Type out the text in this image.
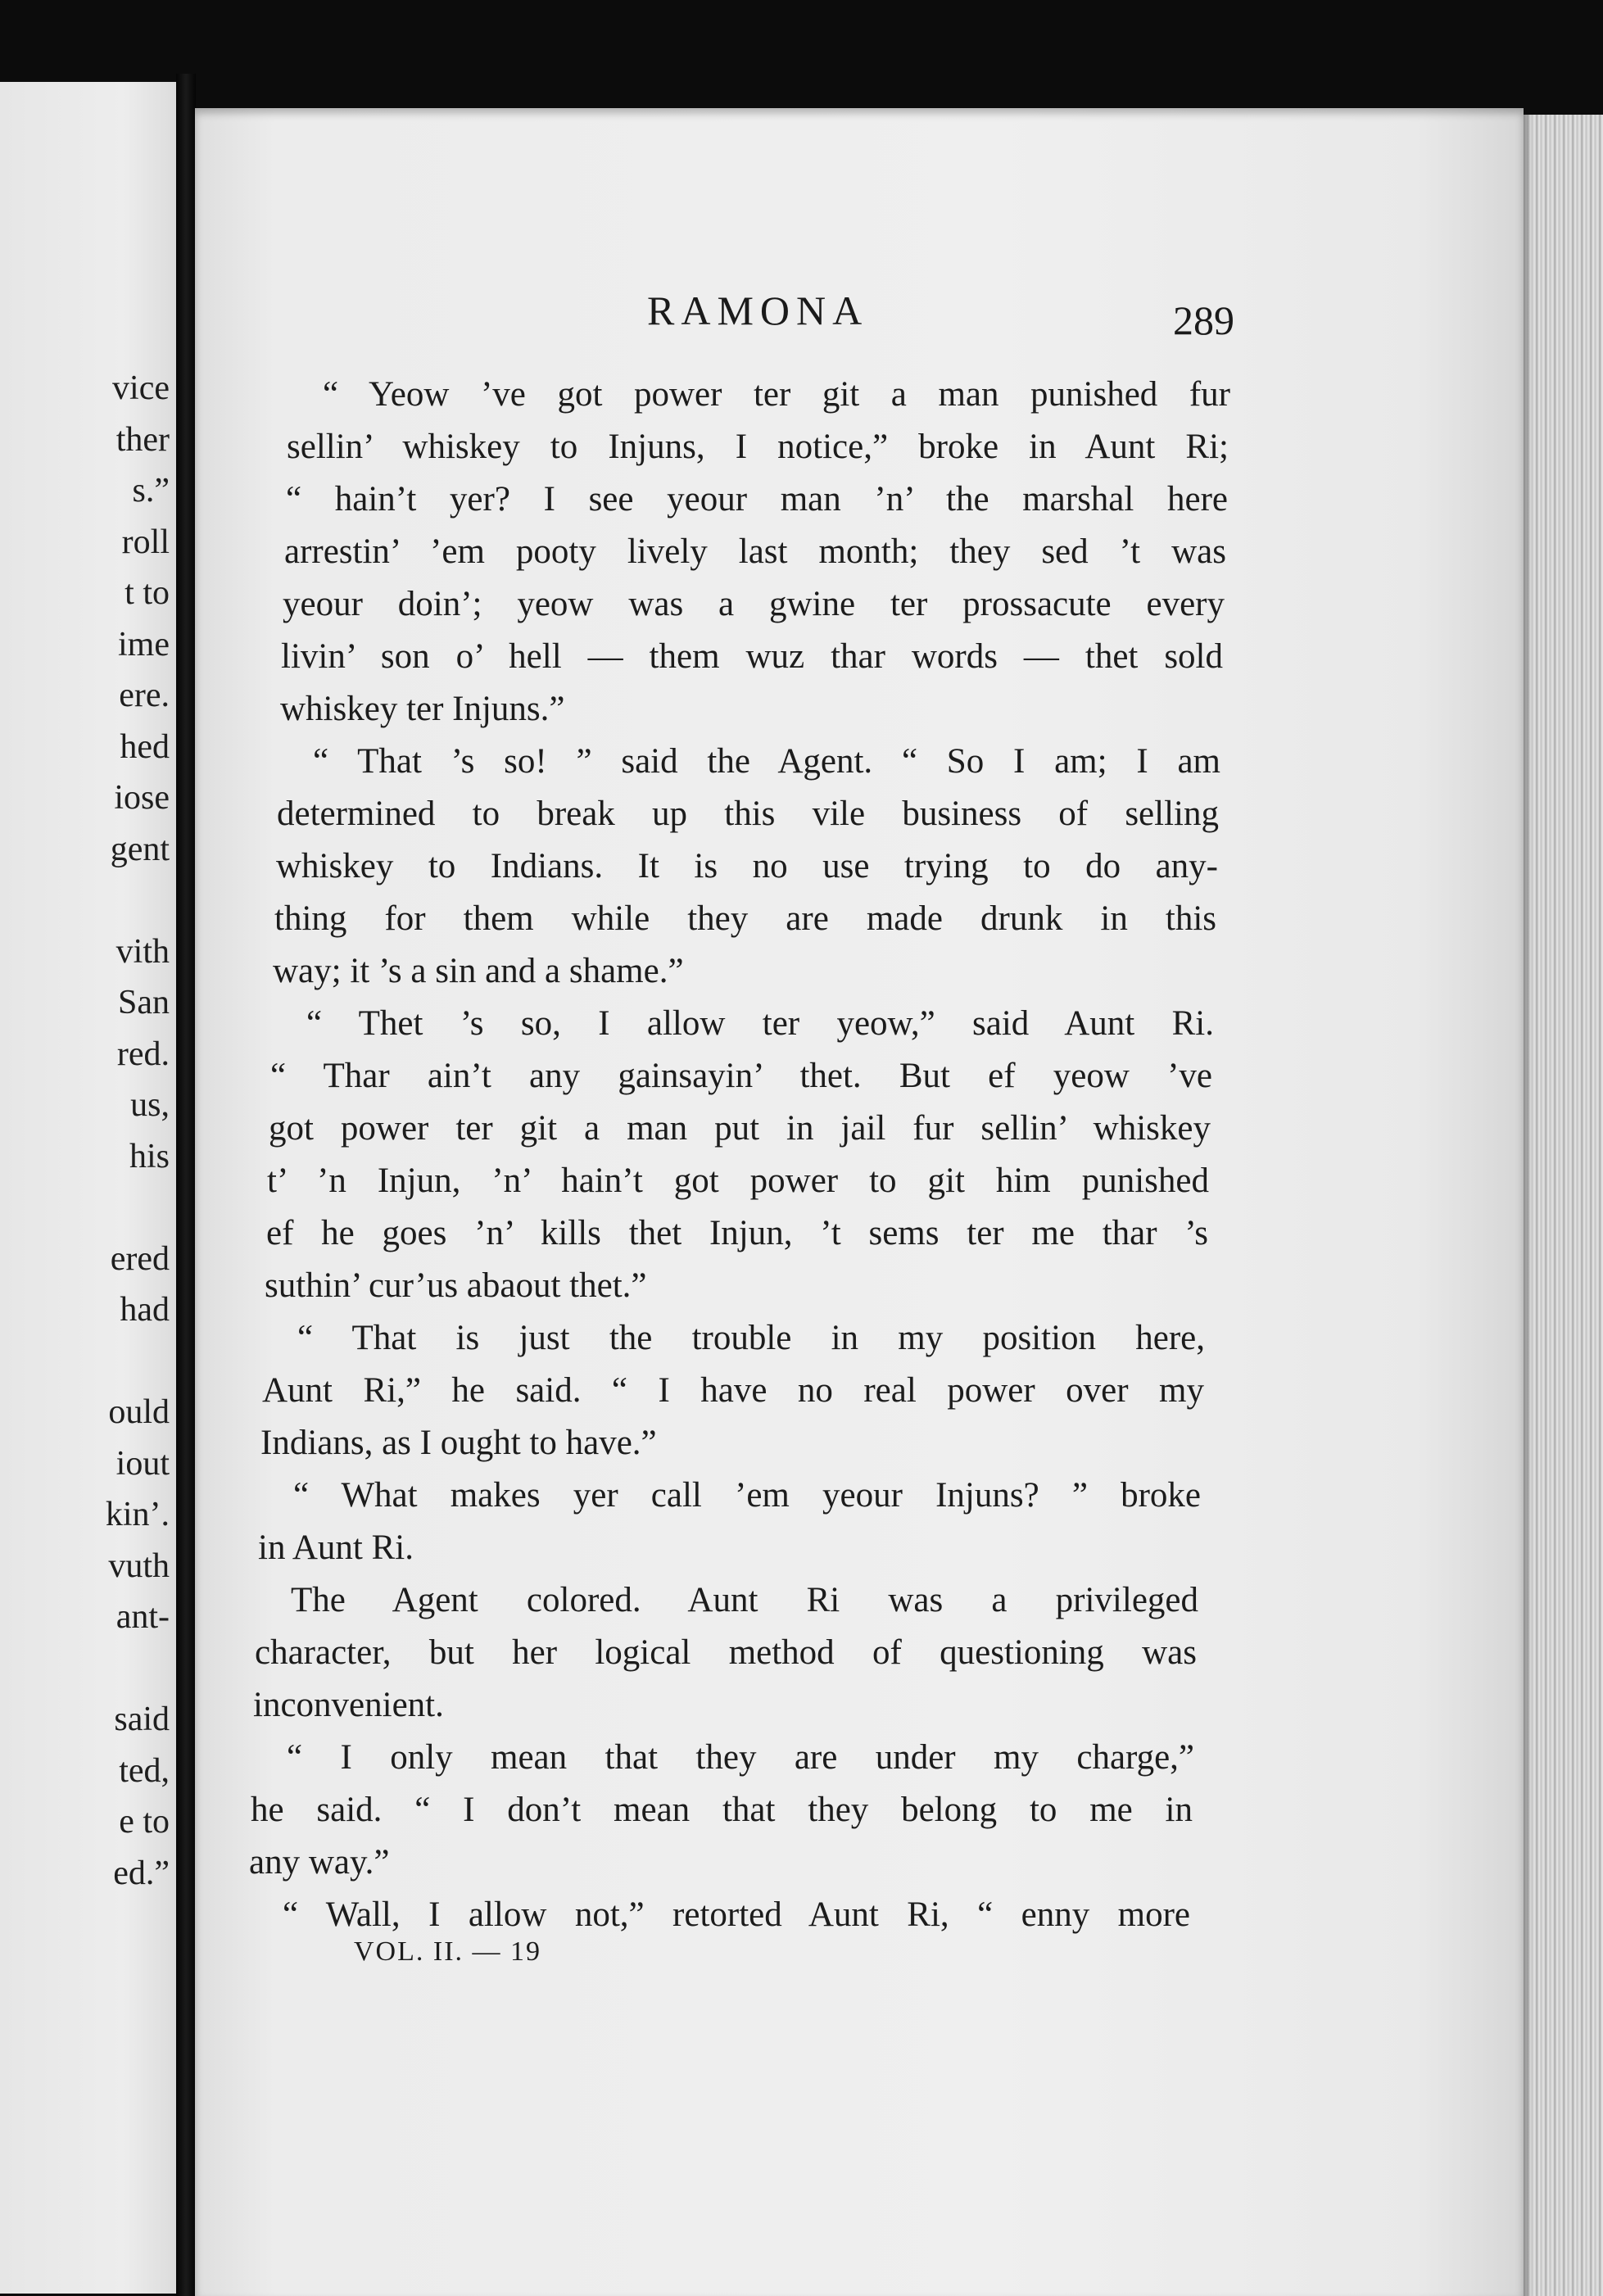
vice
ther
s.”
roll
t to
ime
ere.
hed
iose
gent
vith
San
red.
us,
his
ered
had
ould
iout
kin’.
vuth
ant-
said
ted,
e to
ed.”
RAMONA	289
“ Yeow ’ve got power ter git a man punished fur
sellin’ whiskey to Injuns, I notice,” broke in Aunt Ri;
“ hain’t yer? I see yeour man ’n’ the marshal here
arrestin’ ’em pooty lively last month; they sed ’t was
yeour doin’; yeow was a gwine ter prossacute every
livin’ son o’ hell — them wuz thar words — thet sold
whiskey ter Injuns.”
“ That ’s so! ” said the Agent. “ So I am; I am
determined to break up this vile business of selling
whiskey to Indians. It is no use trying to do any-
thing for them while they are made drunk in this
way; it ’s a sin and a shame.”
“ Thet ’s so, I allow ter yeow,” said Aunt Ri.
“ Thar ain’t any gainsayin’ thet. But ef yeow ’ve
got power ter git a man put in jail fur sellin’ whiskey
t’ ’n Injun, ’n’ hain’t got power to git him punished
ef he goes ’n’ kills thet Injun, ’t sems ter me thar ’s
suthin’ cur’us abaout thet.”
“ That is just the trouble in my position here,
Aunt Ri,” he said. “ I have no real power over my
Indians, as I ought to have.”
“ What makes yer call ’em yeour Injuns? ” broke
in Aunt Ri.
The Agent colored. Aunt Ri was a privileged
character, but her logical method of questioning was
inconvenient.
“ I only mean that they are under my charge,”
he said. “ I don’t mean that they belong to me in
any way.”
“ Wall, I allow not,” retorted Aunt Ri, “ enny more
VOL. II. — 19
